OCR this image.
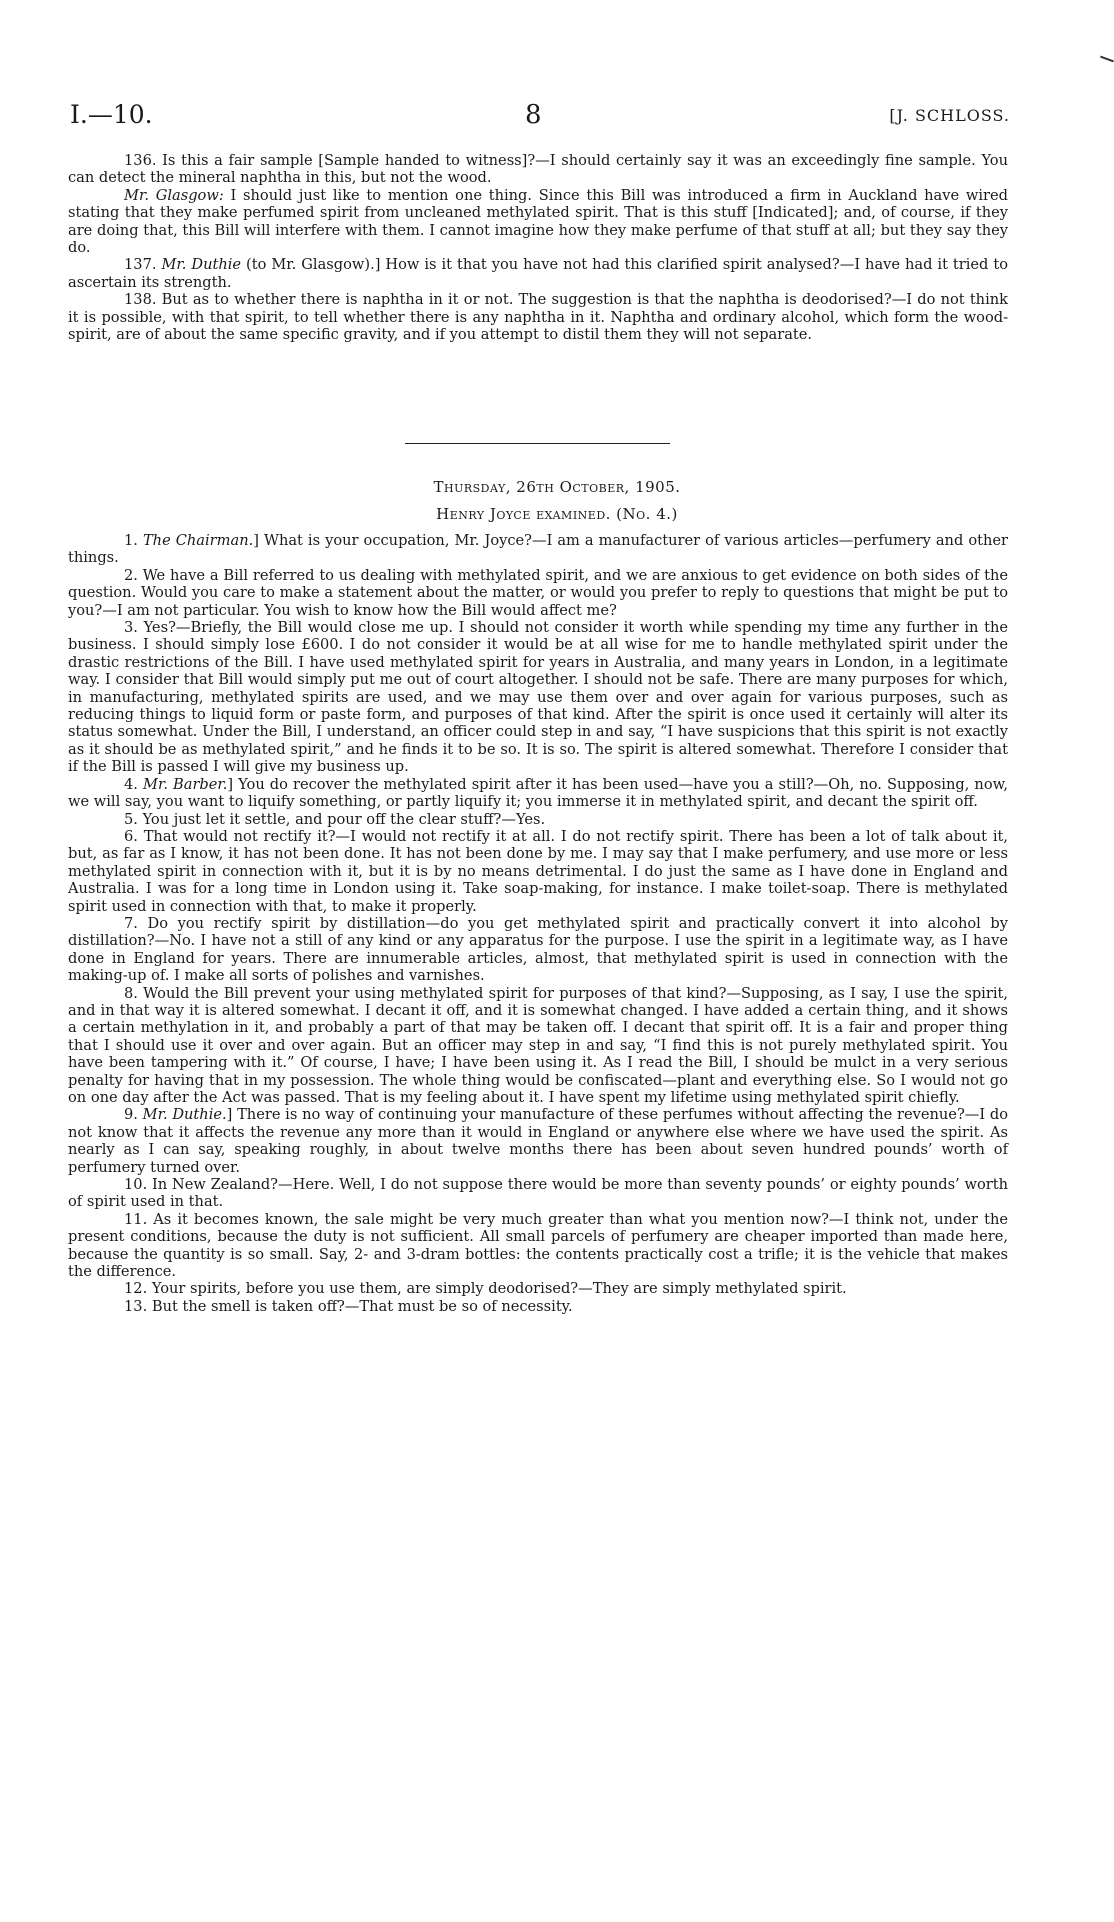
I.—10.	8	[J. SCHLOSS.

136. Is this a fair sample [Sample handed to witness]?—I should certainly say it was an exceedingly fine sample. You can detect the mineral naphtha in this, but not the wood.

Mr. Glasgow: I should just like to mention one thing. Since this Bill was introduced a firm in Auckland have wired stating that they make perfumed spirit from uncleaned methylated spirit. That is this stuff [Indicated]; and, of course, if they are doing that, this Bill will interfere with them. I cannot imagine how they make perfume of that stuff at all; but they say they do.

137. Mr. Duthie (to Mr. Glasgow).] How is it that you have not had this clarified spirit analysed?—I have had it tried to ascertain its strength.

138. But as to whether there is naphtha in it or not. The suggestion is that the naphtha is deodorised?—I do not think it is possible, with that spirit, to tell whether there is any naphtha in it. Naphtha and ordinary alcohol, which form the wood-spirit, are of about the same specific gravity, and if you attempt to distil them they will not separate.

Thursday, 26th October, 1905.
Henry Joyce examined. (No. 4.)

1. The Chairman.] What is your occupation, Mr. Joyce?—I am a manufacturer of various articles—perfumery and other things.

2. We have a Bill referred to us dealing with methylated spirit, and we are anxious to get evidence on both sides of the question. Would you care to make a statement about the matter, or would you prefer to reply to questions that might be put to you?—I am not particular. You wish to know how the Bill would affect me?

3. Yes?—Briefly, the Bill would close me up. I should not consider it worth while spending my time any further in the business. I should simply lose £600. I do not consider it would be at all wise for me to handle methylated spirit under the drastic restrictions of the Bill. I have used methylated spirit for years in Australia, and many years in London, in a legitimate way. I consider that Bill would simply put me out of court altogether. I should not be safe. There are many purposes for which, in manufacturing, methylated spirits are used, and we may use them over and over again for various purposes, such as reducing things to liquid form or paste form, and purposes of that kind. After the spirit is once used it certainly will alter its status somewhat. Under the Bill, I understand, an officer could step in and say, “I have suspicions that this spirit is not exactly as it should be as methylated spirit,” and he finds it to be so. It is so. The spirit is altered somewhat. Therefore I consider that if the Bill is passed I will give my business up.

4. Mr. Barber.] You do recover the methylated spirit after it has been used—have you a still?—Oh, no. Supposing, now, we will say, you want to liquify something, or partly liquify it; you immerse it in methylated spirit, and decant the spirit off.

5. You just let it settle, and pour off the clear stuff?—Yes.

6. That would not rectify it?—I would not rectify it at all. I do not rectify spirit. There has been a lot of talk about it, but, as far as I know, it has not been done. It has not been done by me. I may say that I make perfumery, and use more or less methylated spirit in connection with it, but it is by no means detrimental. I do just the same as I have done in England and Australia. I was for a long time in London using it. Take soap-making, for instance. I make toilet-soap. There is methylated spirit used in connection with that, to make it properly.

7. Do you rectify spirit by distillation—do you get methylated spirit and practically convert it into alcohol by distillation?—No. I have not a still of any kind or any apparatus for the purpose. I use the spirit in a legitimate way, as I have done in England for years. There are innumerable articles, almost, that methylated spirit is used in connection with the making-up of. I make all sorts of polishes and varnishes.

8. Would the Bill prevent your using methylated spirit for purposes of that kind?—Supposing, as I say, I use the spirit, and in that way it is altered somewhat. I decant it off, and it is somewhat changed. I have added a certain thing, and it shows a certain methylation in it, and probably a part of that may be taken off. I decant that spirit off. It is a fair and proper thing that I should use it over and over again. But an officer may step in and say, “I find this is not purely methylated spirit. You have been tampering with it.” Of course, I have; I have been using it. As I read the Bill, I should be mulct in a very serious penalty for having that in my possession. The whole thing would be confiscated—plant and everything else. So I would not go on one day after the Act was passed. That is my feeling about it. I have spent my lifetime using methylated spirit chiefly.

9. Mr. Duthie.] There is no way of continuing your manufacture of these perfumes without affecting the revenue?—I do not know that it affects the revenue any more than it would in England or anywhere else where we have used the spirit. As nearly as I can say, speaking roughly, in about twelve months there has been about seven hundred pounds’ worth of perfumery turned over.

10. In New Zealand?—Here. Well, I do not suppose there would be more than seventy pounds’ or eighty pounds’ worth of spirit used in that.

11. As it becomes known, the sale might be very much greater than what you mention now?—I think not, under the present conditions, because the duty is not sufficient. All small parcels of perfumery are cheaper imported than made here, because the quantity is so small. Say, 2- and 3-dram bottles: the contents practically cost a trifle; it is the vehicle that makes the difference.

12. Your spirits, before you use them, are simply deodorised?—They are simply methylated spirit.

13. But the smell is taken off?—That must be so of necessity.
